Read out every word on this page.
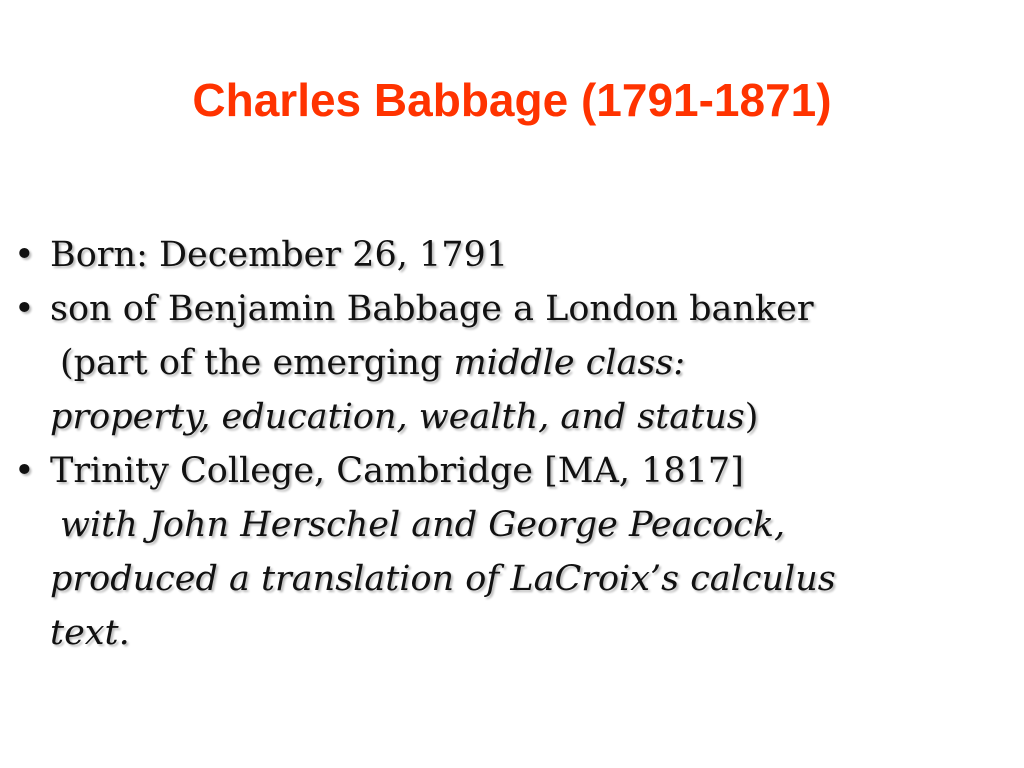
Charles Babbage (1791-1871)
• Born: December 26, 1791
• son of Benjamin Babbage a London banker
(part of the emerging middle class:
property, education, wealth, and status)
• Trinity College, Cambridge [MA, 1817]
with John Herschel and George Peacock,
produced a translation of LaCroix’s calculus
text.
